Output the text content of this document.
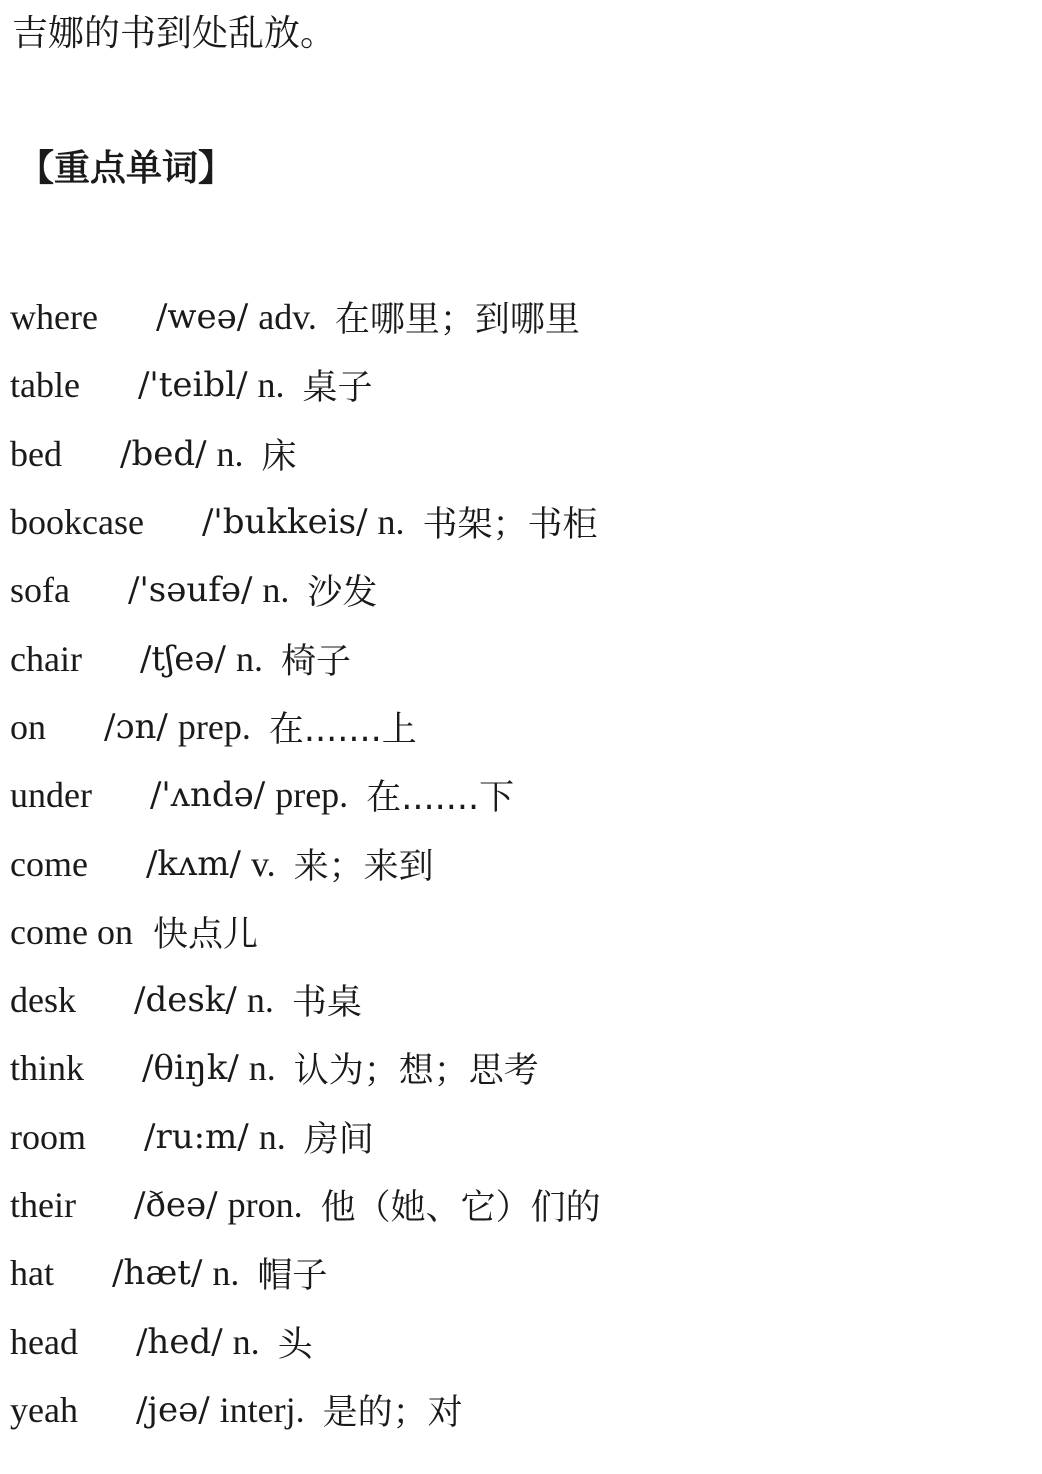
吉娜的书到处乱放。
【重点单词】
where /weə/ adv. 在哪里；到哪里
table /'teibl/ n. 桌子
bed /bed/ n. 床
bookcase /'bukkeis/ n. 书架；书柜
sofa /'səufə/ n. 沙发
chair /tʃeə/ n. 椅子
on /ɔn/ prep. 在.......上
under /'ʌndə/ prep. 在.......下
come /kʌm/ v. 来；来到
come on 快点儿
desk /desk/ n. 书桌
think /θiŋk/ n. 认为；想；思考
room /ru:m/ n. 房间
their /ðeə/ pron. 他（她、它）们的
hat /hæt/ n. 帽子
head /hed/ n. 头
yeah /jeə/ interj. 是的；对
